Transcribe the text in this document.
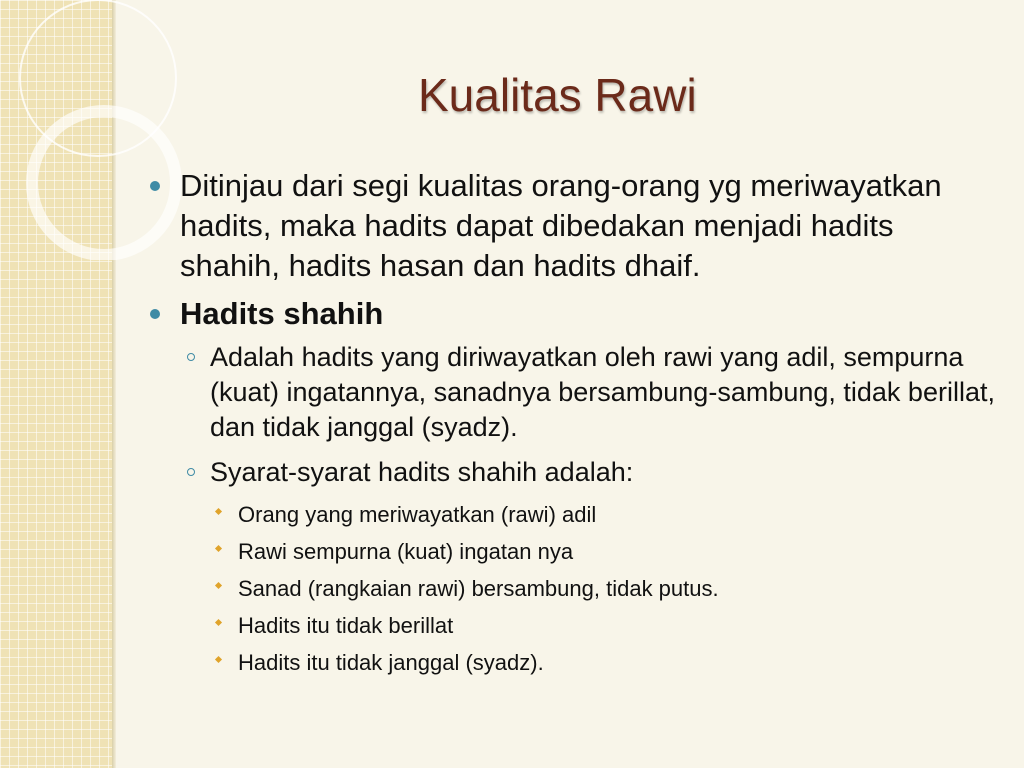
Kualitas Rawi
Ditinjau dari segi kualitas orang-orang yg meriwayatkan hadits, maka hadits dapat dibedakan menjadi hadits shahih, hadits hasan dan hadits dhaif.
Hadits shahih
Adalah hadits yang diriwayatkan oleh rawi yang adil, sempurna (kuat) ingatannya, sanadnya bersambung-sambung, tidak berillat, dan tidak janggal (syadz).
Syarat-syarat hadits shahih adalah:
Orang yang meriwayatkan (rawi) adil
Rawi sempurna (kuat) ingatan nya
Sanad (rangkaian rawi) bersambung, tidak putus.
Hadits itu tidak berillat
Hadits itu tidak janggal (syadz).
